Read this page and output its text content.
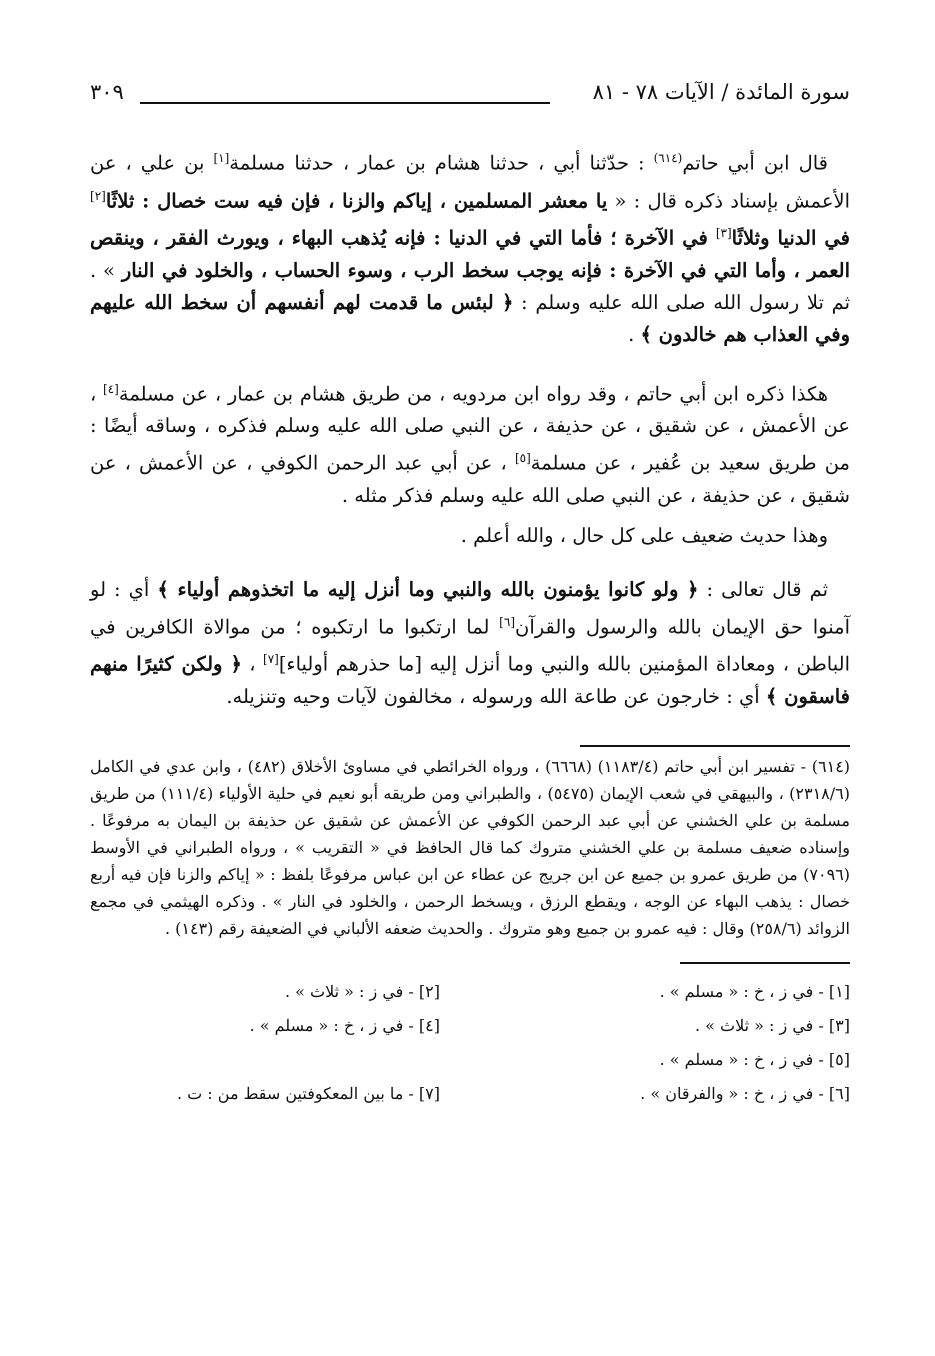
سورة المائدة / الآيات ٧٨ - ٨١
٣٠٩

قال ابن أبي حاتم$^{(٦١٤)}$ : حدّثنا أبي ، حدثنا هشام بن عمار ، حدثنا مسلمة[١] بن علي ، عن الأعمش بإسناد ذكره قال : « يا معشر المسلمين ، إياكم والزنا ، فإن فيه ست خصال : ثلاثًا[٢] في الدنيا وثلاثًا[٣] في الآخرة ؛ فأما التي في الدنيا : فإنه يُذهب البهاء ، ويورث الفقر ، وينقص العمر ، وأما التي في الآخرة : فإنه يوجب سخط الرب ، وسوء الحساب ، والخلود في النار » . ثم تلا رسول الله صلى الله عليه وسلم : ﴿ لبئس ما قدمت لهم أنفسهم أن سخط الله عليهم وفي العذاب هم خالدون ﴾ .

هكذا ذكره ابن أبي حاتم ، وقد رواه ابن مردويه ، من طريق هشام بن عمار ، عن مسلمة[٤] ، عن الأعمش ، عن شقيق ، عن حذيفة ، عن النبي صلى الله عليه وسلم فذكره ، وساقه أيضًا : من طريق سعيد بن عُفير ، عن مسلمة[٥] ، عن أبي عبد الرحمن الكوفي ، عن الأعمش ، عن شقيق ، عن حذيفة ، عن النبي صلى الله عليه وسلم فذكر مثله .

وهذا حديث ضعيف على كل حال ، والله أعلم .

ثم قال تعالى : ﴿ ولو كانوا يؤمنون بالله والنبي وما أنزل إليه ما اتخذوهم أولياء ﴾ أي : لو آمنوا حق الإيمان بالله والرسول والقرآن[٦] لما ارتكبوا ما ارتكبوه ؛ من موالاة الكافرين في الباطن ، ومعاداة المؤمنين بالله والنبي وما أنزل إليه [ما حذرهم أولياء][٧] ، ﴿ ولكن كثيرًا منهم فاسقون ﴾ أي : خارجون عن طاعة الله ورسوله ، مخالفون لآيات وحيه وتنزيله.

(٦١٤) - تفسير ابن أبي حاتم (١١٨٣/٤) (٦٦٦٨) ، ورواه الخرائطي في مساوئ الأخلاق (٤٨٢) ، وابن عدي في الكامل (٢٣١٨/٦) ، والبيهقي في شعب الإيمان (٥٤٧٥) ، والطبراني ومن طريقه أبو نعيم في حلية الأولياء (١١١/٤) من طريق مسلمة بن علي الخشني عن أبي عبد الرحمن الكوفي عن الأعمش عن شقيق عن حذيفة بن اليمان به مرفوعًا . وإسناده ضعيف مسلمة بن علي الخشني متروك كما قال الحافظ في « التقريب » ، ورواه الطبراني في الأوسط (٧٠٩٦) من طريق عمرو بن جميع عن ابن جريج عن عطاء عن ابن عباس مرفوعًا بلفظ : « إياكم والزنا فإن فيه أربع خصال : يذهب البهاء عن الوجه ، ويقطع الرزق ، ويسخط الرحمن ، والخلود في النار » . وذكره الهيثمي في مجمع الزوائد (٢٥٨/٦) وقال : فيه عمرو بن جميع وهو متروك . والحديث ضعفه الألباني في الضعيفة رقم (١٤٣) .
[١] - في ز ، خ : « مسلم » .
[٢] - في ز : « ثلاث » .
[٣] - في ز : « ثلاث » .
[٤] - في ز ، خ : « مسلم » .
[٥] - في ز ، خ : « مسلم » .
[٦] - في ز ، خ : « والفرقان » .
[٧] - ما بين المعكوفتين سقط من : ت .
